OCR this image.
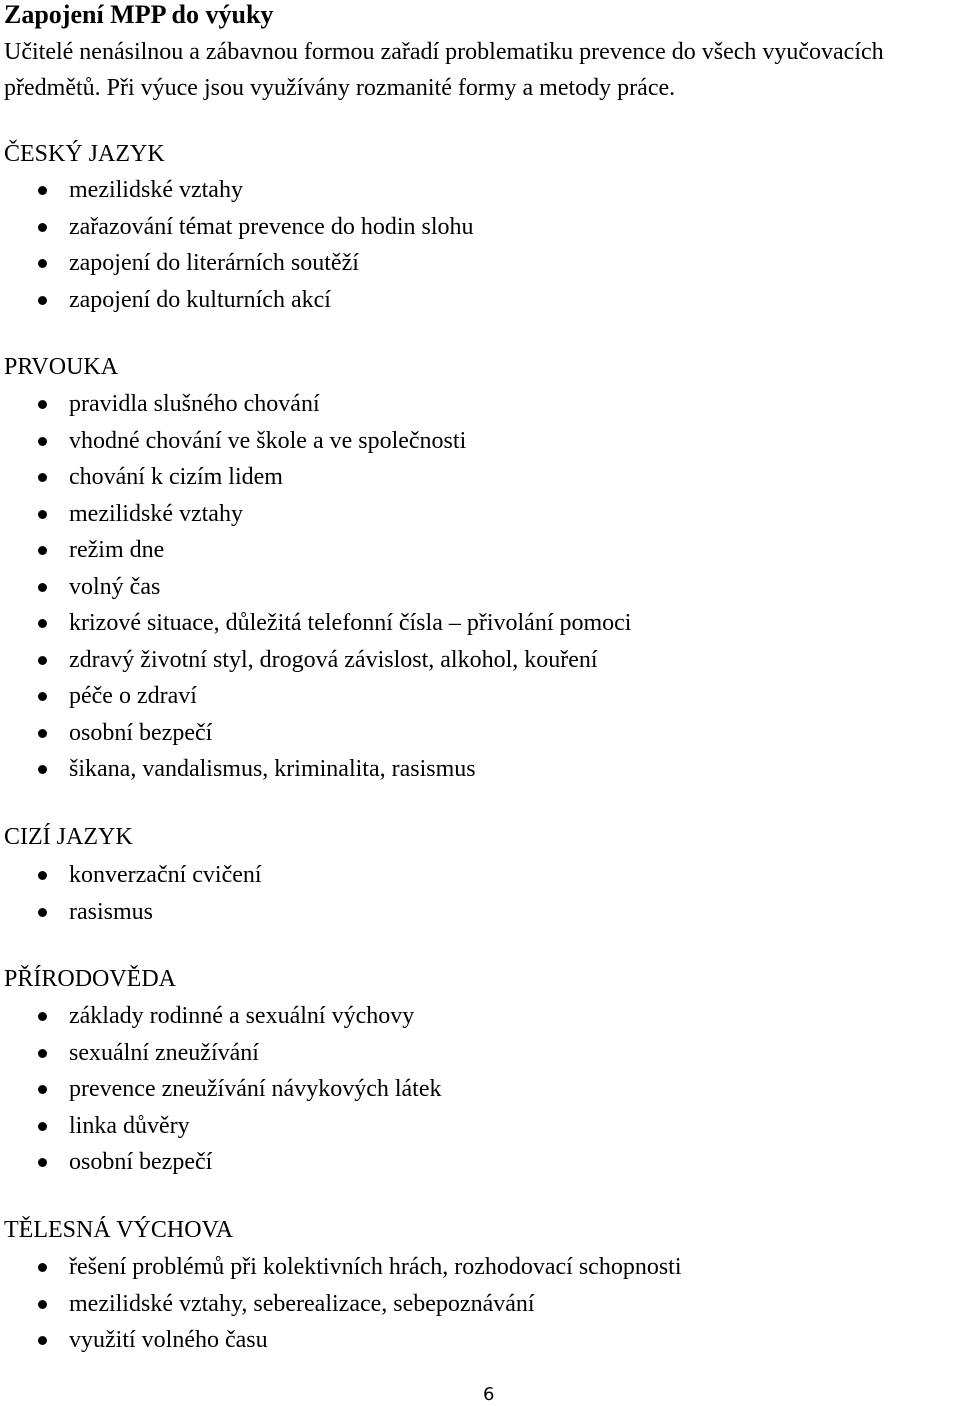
Zapojení MPP do výuky

Učitelé nenásilnou a zábavnou formou zařadí problematiku prevence do všech vyučovacích
předmětů. Při výuce jsou využívány rozmanité formy a metody práce.

ČESKÝ JAZYK
mezilidské vztahy
zařazování témat prevence do hodin slohu
zapojení do literárních soutěží
zapojení do kulturních akcí
PRVOUKA
pravidla slušného chování
vhodné chování ve škole a ve společnosti
chování k cizím lidem
mezilidské vztahy
režim dne
volný čas
krizové situace, důležitá telefonní čísla – přivolání pomoci
zdravý životní styl, drogová závislost, alkohol, kouření
péče o zdraví
osobní bezpečí
šikana, vandalismus, kriminalita, rasismus
CIZÍ JAZYK
konverzační cvičení
rasismus
PŘÍRODOVĚDA
základy rodinné a sexuální výchovy
sexuální zneužívání
prevence zneužívání návykových látek
linka důvěry
osobní bezpečí
TĚLESNÁ VÝCHOVA
řešení problémů při kolektivních hrách, rozhodovací schopnosti
mezilidské vztahy, seberealizace, sebepoznávání
využití volného času
6
